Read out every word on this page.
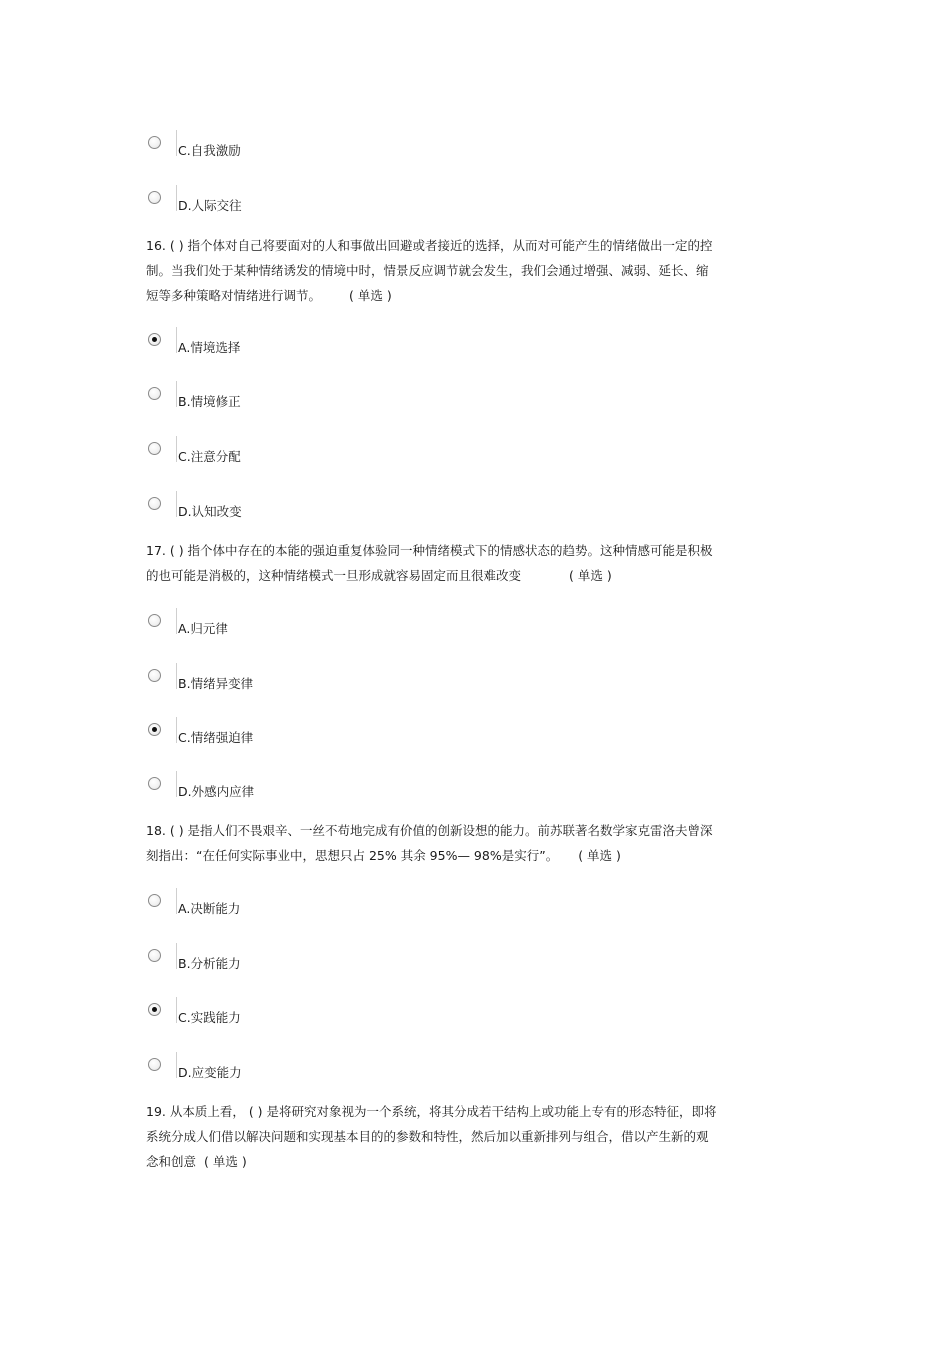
C.自我激励
D.人际交往
16. ( ) 指个体对自己将要面对的人和事做出回避或者接近的选择，从而对可能产生的情绪做出一定的控
制。当我们处于某种情绪诱发的情境中时，情景反应调节就会发生，我们会通过增强、减弱、延长、缩
短等多种策略对情绪进行调节。 ( 单选 )
A.情境选择
B.情境修正
C.注意分配
D.认知改变
17. ( ) 指个体中存在的本能的强迫重复体验同一种情绪模式下的情感状态的趋势。这种情感可能是积极
的也可能是消极的，这种情绪模式一旦形成就容易固定而且很难改变	( 单选 )
A.归元律
B.情绪异变律
C.情绪强迫律
D.外感内应律
18. ( ) 是指人们不畏艰辛、一丝不苟地完成有价值的创新设想的能力。前苏联著名数学家克雷洛夫曾深
刻指出：“在任何实际事业中，思想只占 25% 其余 95%— 98%是实行”。 ( 单选 )
A.决断能力
B.分析能力
C.实践能力
D.应变能力
19. 从本质上看， ( ) 是将研究对象视为一个系统，将其分成若干结构上或功能上专有的形态特征，即将
系统分成人们借以解决问题和实现基本目的的参数和特性，然后加以重新排列与组合，借以产生新的观
念和创意 ( 单选 )
